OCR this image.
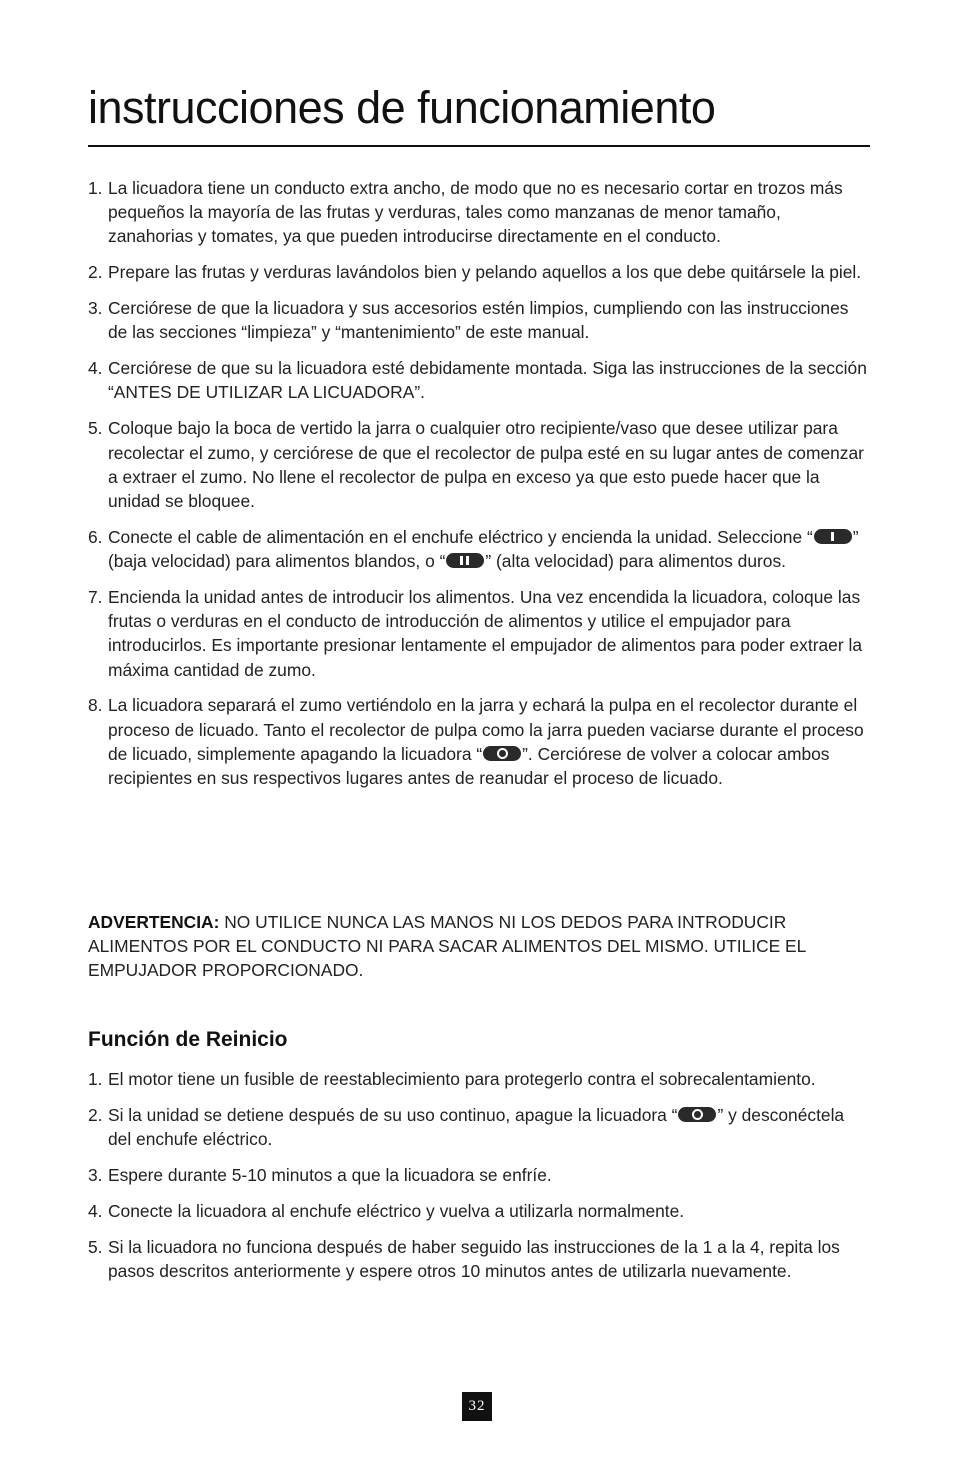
instrucciones de funcionamiento
1. La licuadora tiene un conducto extra ancho, de modo que no es necesario cortar en trozos más pequeños la mayoría de las frutas y verduras, tales como manzanas de menor tamaño, zanahorias y tomates, ya que pueden introducirse directamente en el conducto.
2. Prepare las frutas y verduras lavándolos bien y pelando aquellos a los que debe quitársele la piel.
3. Cerciórese de que la licuadora y sus accesorios estén limpios, cumpliendo con las instrucciones de las secciones “limpieza” y “mantenimiento” de este manual.
4. Cerciórese de que su la licuadora esté debidamente montada. Siga las instrucciones de la sección “ANTES DE UTILIZAR LA LICUADORA”.
5. Coloque bajo la boca de vertido la jarra o cualquier otro recipiente/vaso que desee utilizar para recolectar el zumo, y cerciórese de que el recolector de pulpa esté en su lugar antes de comenzar a extraer el zumo. No llene el recolector de pulpa en exceso ya que esto puede hacer que la unidad se bloquee.
6. Conecte el cable de alimentación en el enchufe eléctrico y encienda la unidad. Seleccione “ ” (baja velocidad) para alimentos blandos, o “ ” (alta velocidad) para alimentos duros.
7. Encienda la unidad antes de introducir los alimentos. Una vez encendida la licuadora, coloque las frutas o verduras en el conducto de introducción de alimentos y utilice el empujador para introducirlos. Es importante presionar lentamente el empujador de alimentos para poder extraer la máxima cantidad de zumo.
8. La licuadora separará el zumo vertiéndolo en la jarra y echará la pulpa en el recolector durante el proceso de licuado. Tanto el recolector de pulpa como la jarra pueden vaciarse durante el proceso de licuado, simplemente apagando la licuadora “ ”. Cerciórese de volver a colocar ambos recipientes en sus respectivos lugares antes de reanudar el proceso de licuado.

ADVERTENCIA: NO UTILICE NUNCA LAS MANOS NI LOS DEDOS PARA INTRODUCIR ALIMENTOS POR EL CONDUCTO NI PARA SACAR ALIMENTOS DEL MISMO. UTILICE EL EMPUJADOR PROPORCIONADO.

Función de Reinicio
1. El motor tiene un fusible de reestablecimiento para protegerlo contra el sobrecalentamiento.
2. Si la unidad se detiene después de su uso continuo, apague la licuadora “ ” y desconéctela del enchufe eléctrico.
3. Espere durante 5-10 minutos a que la licuadora se enfríe.
4. Conecte la licuadora al enchufe eléctrico y vuelva a utilizarla normalmente.
5. Si la licuadora no funciona después de haber seguido las instrucciones de la 1 a la 4, repita los pasos descritos anteriormente y espere otros 10 minutos antes de utilizarla nuevamente.
32
